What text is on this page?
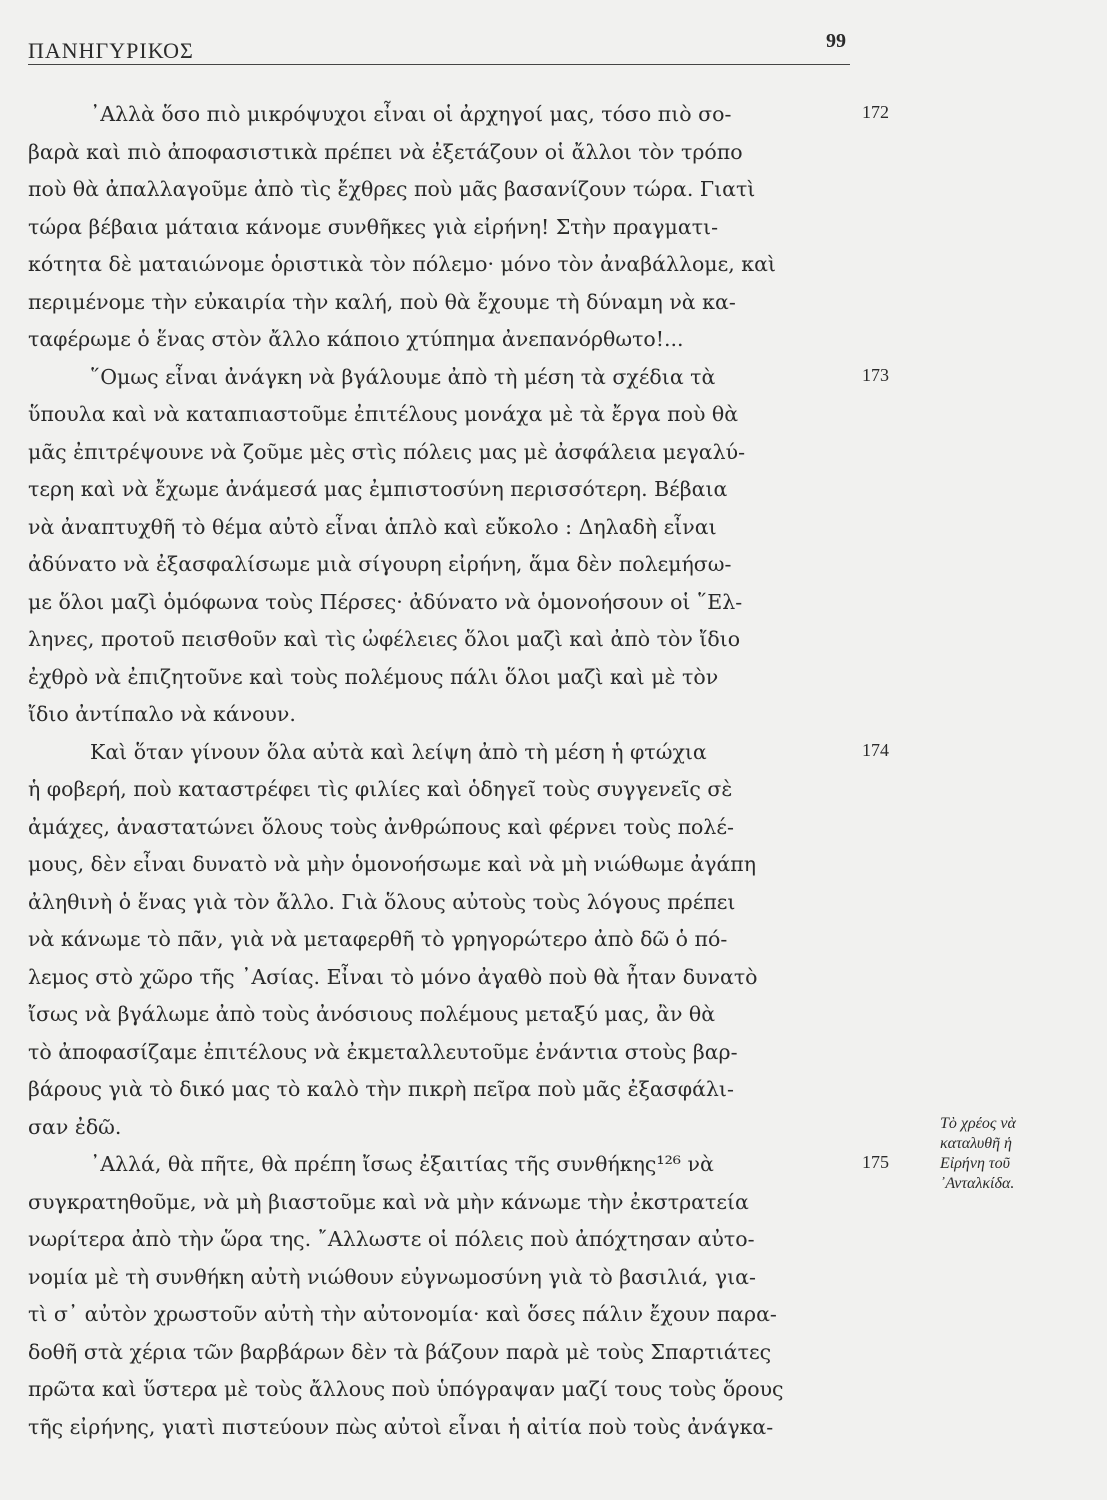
ΠΑΝΗΓΥΡΙΚΟΣ	99
᾿Αλλὰ ὅσο πιὸ μικρόψυχοι εἶναι οἱ ἀρχηγοί μας, τόσο πιὸ σο-
βαρὰ καὶ πιὸ ἀποφασιστικὰ πρέπει νὰ ἐξετάζουν οἱ ἄλλοι τὸν τρόπο
ποὺ θὰ ἀπαλλαγοῦμε ἀπὸ τὶς ἔχθρες ποὺ μᾶς βασανίζουν τώρα. Γιατὶ
τώρα βέβαια μάταια κάνομε συνθῆκες γιὰ εἰρήνη! Στὴν πραγματι-
κότητα δὲ ματαιώνομε ὁριστικὰ τὸν πόλεμο· μόνο τὸν ἀναβάλλομε, καὶ
περιμένομε τὴν εὐκαιρία τὴν καλή, ποὺ θὰ ἔχουμε τὴ δύναμη νὰ κα-
ταφέρωμε ὁ ἕνας στὸν ἄλλο κάποιο χτύπημα ἀνεπανόρθωτο!...
῞Ομως εἶναι ἀνάγκη νὰ βγάλουμε ἀπὸ τὴ μέση τὰ σχέδια τὰ
ὕπουλα καὶ νὰ καταπιαστοῦμε ἐπιτέλους μονάχα μὲ τὰ ἔργα ποὺ θὰ
μᾶς ἐπιτρέψουνε νὰ ζοῦμε μὲς στὶς πόλεις μας μὲ ἀσφάλεια μεγαλύ-
τερη καὶ νὰ ἔχωμε ἀνάμεσά μας ἐμπιστοσύνη περισσότερη. Βέβαια
νὰ ἀναπτυχθῆ τὸ θέμα αὐτὸ εἶναι ἁπλὸ καὶ εὔκολο : Δηλαδὴ εἶναι
ἀδύνατο νὰ ἐξασφαλίσωμε μιὰ σίγουρη εἰρήνη, ἅμα δὲν πολεμήσω-
με ὅλοι μαζὶ ὁμόφωνα τοὺς Πέρσες· ἀδύνατο νὰ ὁμονοήσουν οἱ ῞Ελ-
ληνες, προτοῦ πεισθοῦν καὶ τὶς ὠφέλειες ὅλοι μαζὶ καὶ ἀπὸ τὸν ἴδιο
ἐχθρὸ νὰ ἐπιζητοῦνε καὶ τοὺς πολέμους πάλι ὅλοι μαζὶ καὶ μὲ τὸν
ἴδιο ἀντίπαλο νὰ κάνουν.
Καὶ ὅταν γίνουν ὅλα αὐτὰ καὶ λείψη ἀπὸ τὴ μέση ἡ φτώχια
ἡ φοβερή, ποὺ καταστρέφει τὶς φιλίες καὶ ὁδηγεῖ τοὺς συγγενεῖς σὲ
ἀμάχες, ἀναστατώνει ὅλους τοὺς ἀνθρώπους καὶ φέρνει τοὺς πολέ-
μους, δὲν εἶναι δυνατὸ νὰ μὴν ὁμονοήσωμε καὶ νὰ μὴ νιώθωμε ἀγάπη
ἀληθινὴ ὁ ἕνας γιὰ τὸν ἄλλο. Γιὰ ὅλους αὐτοὺς τοὺς λόγους πρέπει
νὰ κάνωμε τὸ πᾶν, γιὰ νὰ μεταφερθῆ τὸ γρηγορώτερο ἀπὸ δῶ ὁ πό-
λεμος στὸ χῶρο τῆς ᾿Ασίας. Εἶναι τὸ μόνο ἀγαθὸ ποὺ θὰ ἦταν δυνατὸ
ἴσως νὰ βγάλωμε ἀπὸ τοὺς ἀνόσιους πολέμους μεταξύ μας, ἂν θὰ
τὸ ἀποφασίζαμε ἐπιτέλους νὰ ἐκμεταλλευτοῦμε ἐνάντια στοὺς βαρ-
βάρους γιὰ τὸ δικό μας τὸ καλὸ τὴν πικρὴ πεῖρα ποὺ μᾶς ἐξασφάλι-
σαν ἐδῶ.
᾿Αλλά, θὰ πῆτε, θὰ πρέπη ἴσως ἐξαιτίας τῆς συνθήκης¹²⁶ νὰ
συγκρατηθοῦμε, νὰ μὴ βιαστοῦμε καὶ νὰ μὴν κάνωμε τὴν ἐκστρατεία
νωρίτερα ἀπὸ τὴν ὥρα της. ῎Αλλωστε οἱ πόλεις ποὺ ἀπόχτησαν αὐτο-
νομία μὲ τὴ συνθήκη αὐτὴ νιώθουν εὐγνωμοσύνη γιὰ τὸ βασιλιά, για-
τὶ σ᾿ αὐτὸν χρωστοῦν αὐτὴ τὴν αὐτονομία· καὶ ὅσες πάλιν ἔχουν παρα-
δοθῆ στὰ χέρια τῶν βαρβάρων δὲν τὰ βάζουν παρὰ μὲ τοὺς Σπαρτιάτες
πρῶτα καὶ ὕστερα μὲ τοὺς ἄλλους ποὺ ὑπόγραψαν μαζί τους τοὺς ὅρους
τῆς εἰρήνης, γιατὶ πιστεύουν πὼς αὐτοὶ εἶναι ἡ αἰτία ποὺ τοὺς ἀνάγκα-
172
173
174
175
Τὸ χρέος νὰ
καταλυθῆ ἡ
Εἰρήνη τοῦ
᾿Ανταλκίδα.
